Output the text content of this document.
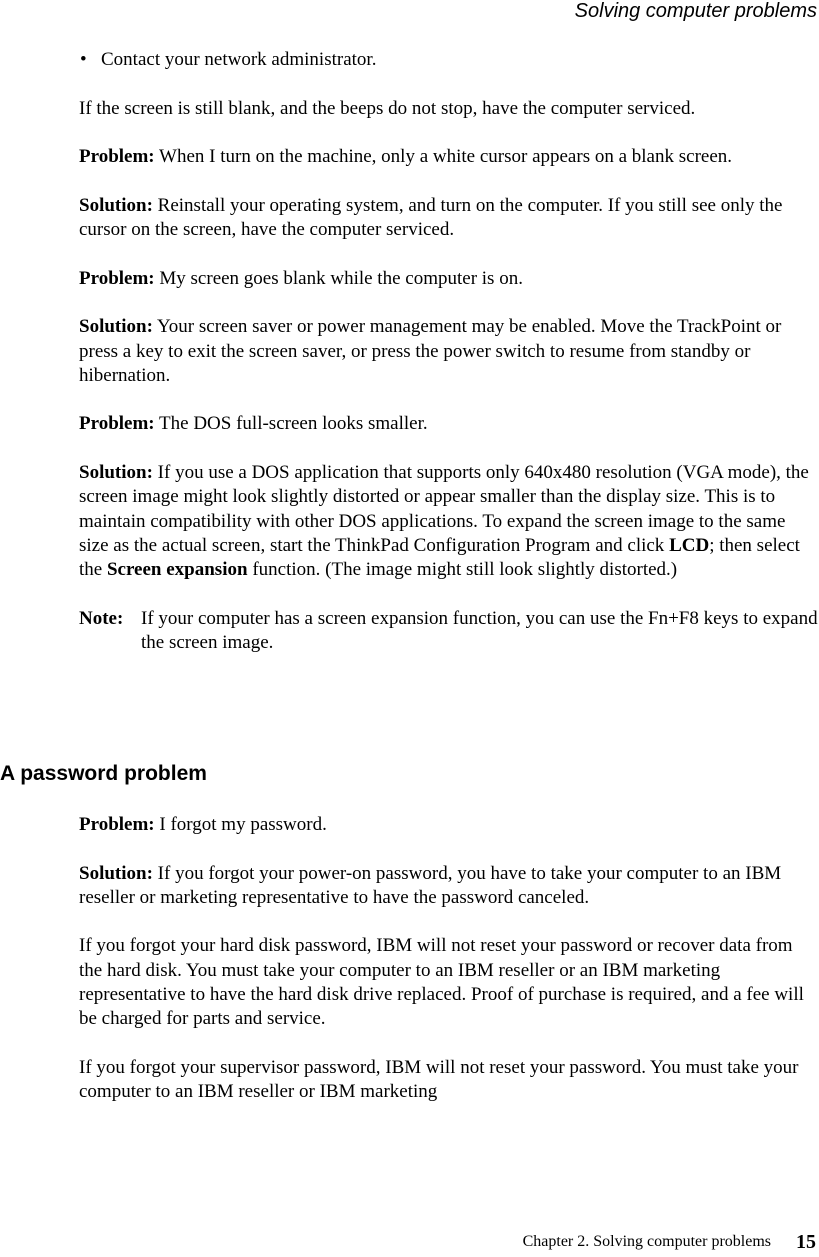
Solving computer problems
• Contact your network administrator.

If the screen is still blank, and the beeps do not stop, have the computer serviced.

Problem: When I turn on the machine, only a white cursor appears on a blank screen.

Solution: Reinstall your operating system, and turn on the computer. If you still see only the cursor on the screen, have the computer serviced.

Problem: My screen goes blank while the computer is on.

Solution: Your screen saver or power management may be enabled. Move the TrackPoint or press a key to exit the screen saver, or press the power switch to resume from standby or hibernation.

Problem: The DOS full-screen looks smaller.

Solution: If you use a DOS application that supports only 640x480 resolution (VGA mode), the screen image might look slightly distorted or appear smaller than the display size. This is to maintain compatibility with other DOS applications. To expand the screen image to the same size as the actual screen, start the ThinkPad Configuration Program and click LCD; then select the Screen expansion function. (The image might still look slightly distorted.)

Note: If your computer has a screen expansion function, you can use the Fn+F8 keys to expand the screen image.
A password problem

Problem: I forgot my password.

Solution: If you forgot your power-on password, you have to take your computer to an IBM reseller or marketing representative to have the password canceled.

If you forgot your hard disk password, IBM will not reset your password or recover data from the hard disk. You must take your computer to an IBM reseller or an IBM marketing representative to have the hard disk drive replaced. Proof of purchase is required, and a fee will be charged for parts and service.

If you forgot your supervisor password, IBM will not reset your password. You must take your computer to an IBM reseller or IBM marketing

Chapter 2. Solving computer problems 15
